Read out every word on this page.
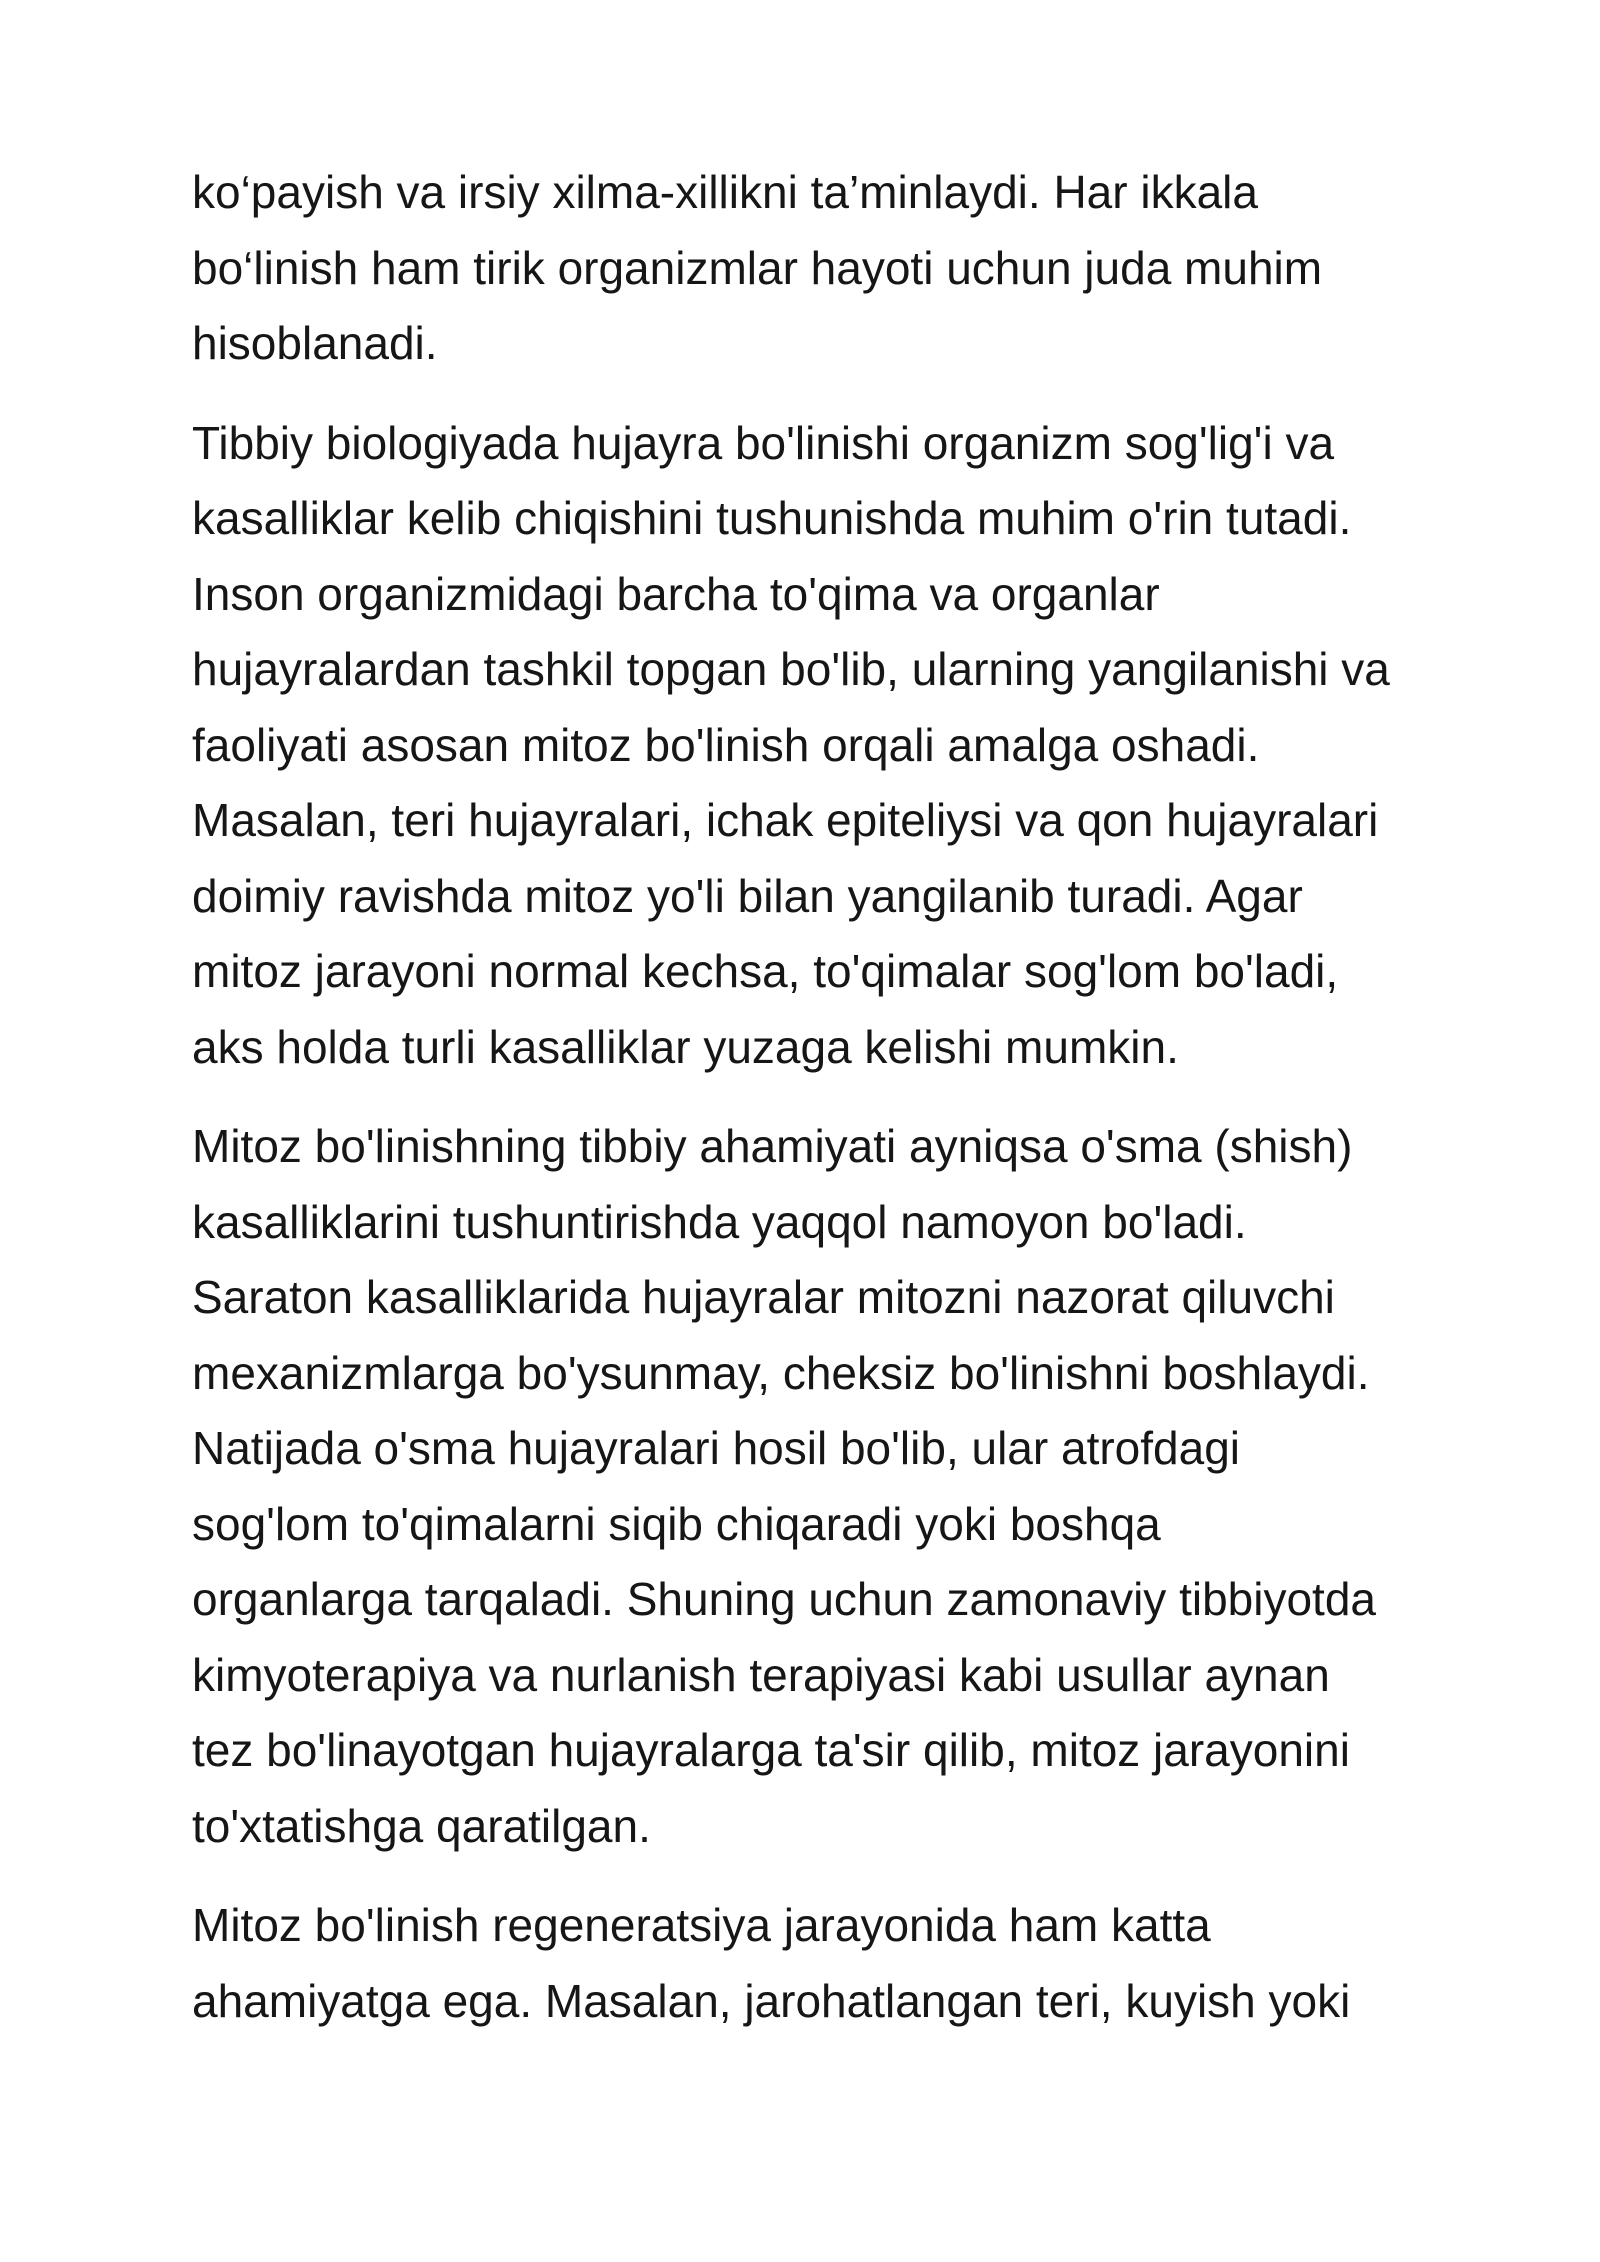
ko‘payish va irsiy xilma-xillikni ta’minlaydi. Har ikkala
bo‘linish ham tirik organizmlar hayoti uchun juda muhim
hisoblanadi.

Tibbiy biologiyada hujayra bo'linishi organizm sog'lig'i va
kasalliklar kelib chiqishini tushunishda muhim o'rin tutadi.
Inson organizmidagi barcha to'qima va organlar
hujayralardan tashkil topgan bo'lib, ularning yangilanishi va
faoliyati asosan mitoz bo'linish orqali amalga oshadi.
Masalan, teri hujayralari, ichak epiteliysi va qon hujayralari
doimiy ravishda mitoz yo'li bilan yangilanib turadi. Agar
mitoz jarayoni normal kechsa, to'qimalar sog'lom bo'ladi,
aks holda turli kasalliklar yuzaga kelishi mumkin.

Mitoz bo'linishning tibbiy ahamiyati ayniqsa o'sma (shish)
kasalliklarini tushuntirishda yaqqol namoyon bo'ladi.
Saraton kasalliklarida hujayralar mitozni nazorat qiluvchi
mexanizmlarga bo'ysunmay, cheksiz bo'linishni boshlaydi.
Natijada o'sma hujayralari hosil bo'lib, ular atrofdagi
sog'lom to'qimalarni siqib chiqaradi yoki boshqa
organlarga tarqaladi. Shuning uchun zamonaviy tibbiyotda
kimyoterapiya va nurlanish terapiyasi kabi usullar aynan
tez bo'linayotgan hujayralarga ta'sir qilib, mitoz jarayonini
to'xtatishga qaratilgan.

Mitoz bo'linish regeneratsiya jarayonida ham katta
ahamiyatga ega. Masalan, jarohatlangan teri, kuyish yoki
